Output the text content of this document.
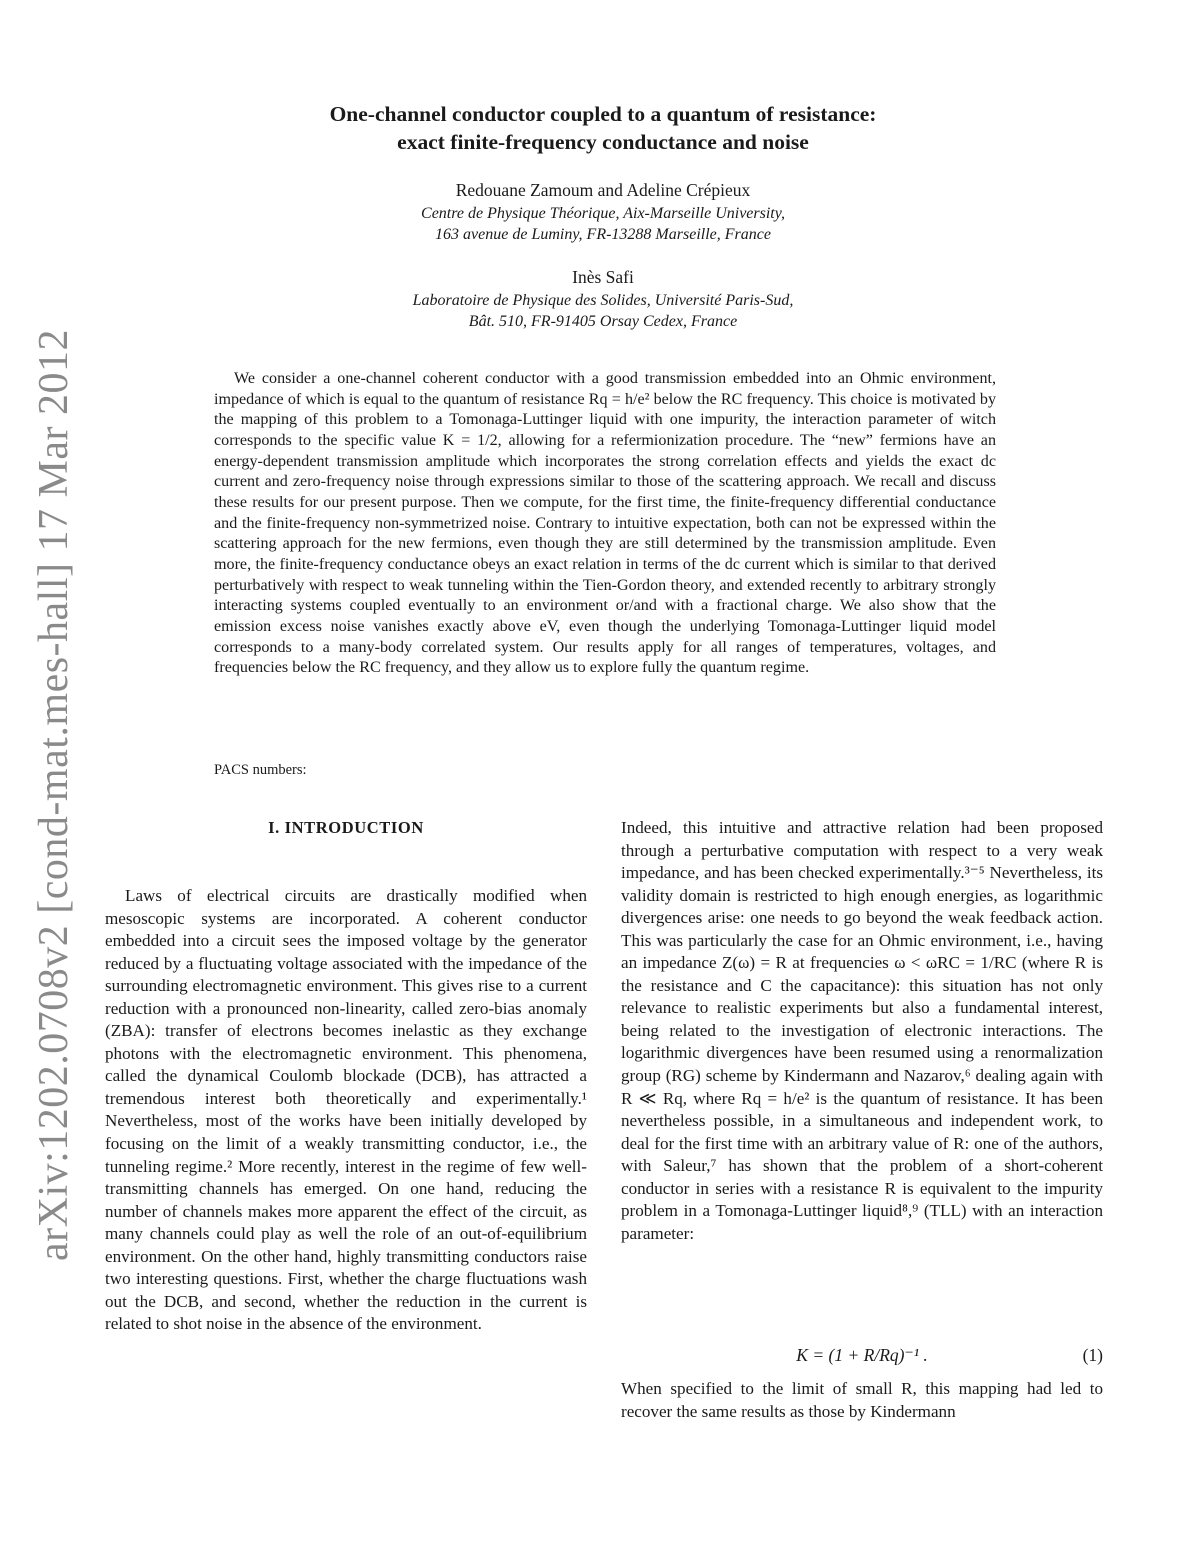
arXiv:1202.0708v2 [cond-mat.mes-hall] 17 Mar 2012
One-channel conductor coupled to a quantum of resistance:
exact finite-frequency conductance and noise
Redouane Zamoum and Adeline Crépieux
Centre de Physique Théorique, Aix-Marseille University,
163 avenue de Luminy, FR-13288 Marseille, France
Inès Safi
Laboratoire de Physique des Solides, Université Paris-Sud,
Bât. 510, FR-91405 Orsay Cedex, France
We consider a one-channel coherent conductor with a good transmission embedded into an Ohmic environment, impedance of which is equal to the quantum of resistance Rq = h/e² below the RC frequency. This choice is motivated by the mapping of this problem to a Tomonaga-Luttinger liquid with one impurity, the interaction parameter of witch corresponds to the specific value K = 1/2, allowing for a refermionization procedure. The “new” fermions have an energy-dependent transmission amplitude which incorporates the strong correlation effects and yields the exact dc current and zero-frequency noise through expressions similar to those of the scattering approach. We recall and discuss these results for our present purpose. Then we compute, for the first time, the finite-frequency differential conductance and the finite-frequency non-symmetrized noise. Contrary to intuitive expectation, both can not be expressed within the scattering approach for the new fermions, even though they are still determined by the transmission amplitude. Even more, the finite-frequency conductance obeys an exact relation in terms of the dc current which is similar to that derived perturbatively with respect to weak tunneling within the Tien-Gordon theory, and extended recently to arbitrary strongly interacting systems coupled eventually to an environment or/and with a fractional charge. We also show that the emission excess noise vanishes exactly above eV, even though the underlying Tomonaga-Luttinger liquid model corresponds to a many-body correlated system. Our results apply for all ranges of temperatures, voltages, and frequencies below the RC frequency, and they allow us to explore fully the quantum regime.
PACS numbers:
I. INTRODUCTION
Laws of electrical circuits are drastically modified when mesoscopic systems are incorporated. A coherent conductor embedded into a circuit sees the imposed voltage by the generator reduced by a fluctuating voltage associated with the impedance of the surrounding electromagnetic environment. This gives rise to a current reduction with a pronounced non-linearity, called zero-bias anomaly (ZBA): transfer of electrons becomes inelastic as they exchange photons with the electromagnetic environment. This phenomena, called the dynamical Coulomb blockade (DCB), has attracted a tremendous interest both theoretically and experimentally.¹ Nevertheless, most of the works have been initially developed by focusing on the limit of a weakly transmitting conductor, i.e., the tunneling regime.² More recently, interest in the regime of few well-transmitting channels has emerged. On one hand, reducing the number of channels makes more apparent the effect of the circuit, as many channels could play as well the role of an out-of-equilibrium environment. On the other hand, highly transmitting conductors raise two interesting questions. First, whether the charge fluctuations wash out the DCB, and second, whether the reduction in the current is related to shot noise in the absence of the environment.
Indeed, this intuitive and attractive relation had been proposed through a perturbative computation with respect to a very weak impedance, and has been checked experimentally.³⁻⁵ Nevertheless, its validity domain is restricted to high enough energies, as logarithmic divergences arise: one needs to go beyond the weak feedback action. This was particularly the case for an Ohmic environment, i.e., having an impedance Z(ω) = R at frequencies ω < ωRC = 1/RC (where R is the resistance and C the capacitance): this situation has not only relevance to realistic experiments but also a fundamental interest, being related to the investigation of electronic interactions. The logarithmic divergences have been resumed using a renormalization group (RG) scheme by Kindermann and Nazarov,⁶ dealing again with R ≪ Rq, where Rq = h/e² is the quantum of resistance. It has been nevertheless possible, in a simultaneous and independent work, to deal for the first time with an arbitrary value of R: one of the authors, with Saleur,⁷ has shown that the problem of a short-coherent conductor in series with a resistance R is equivalent to the impurity problem in a Tomonaga-Luttinger liquid⁸,⁹ (TLL) with an interaction parameter:
K = (1 + R/Rq)⁻¹ .	(1)
When specified to the limit of small R, this mapping had led to recover the same results as those by Kindermann
